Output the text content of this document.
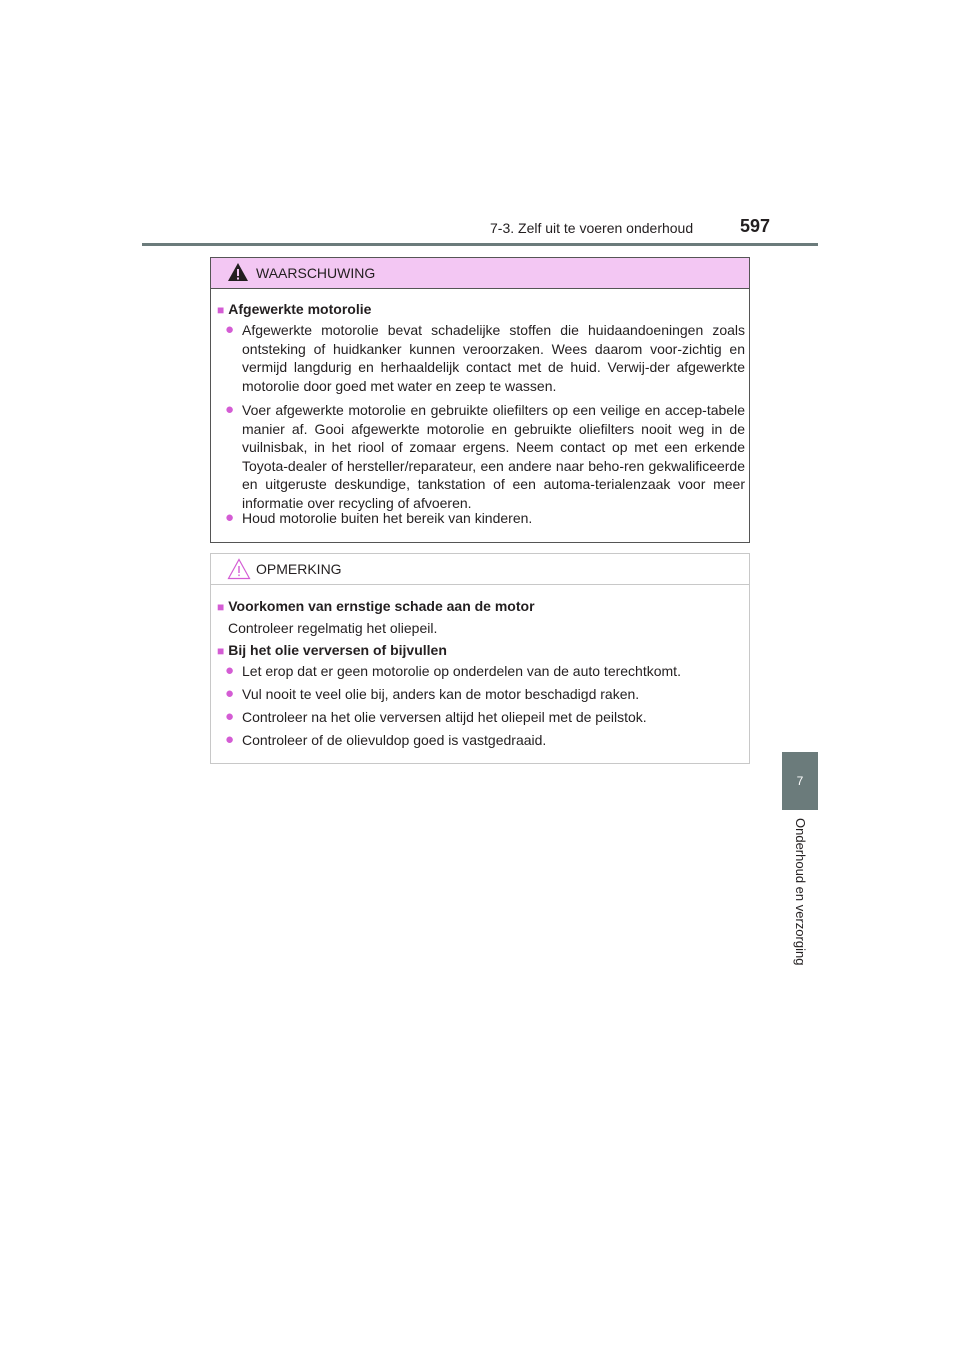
7-3. Zelf uit te voeren onderhoud	597
7
Onderhoud en verzorging
WAARSCHUWING
■ Afgewerkte motorolie
● Afgewerkte motorolie bevat schadelijke stoffen die huidaandoeningen zoals ontsteking of huidkanker kunnen veroorzaken. Wees daarom voor-zichtig en vermijd langdurig en herhaaldelijk contact met de huid. Verwij-der afgewerkte motorolie door goed met water en zeep te wassen.
● Voer afgewerkte motorolie en gebruikte oliefilters op een veilige en accep-tabele manier af. Gooi afgewerkte motorolie en gebruikte oliefilters nooit weg in de vuilnisbak, in het riool of zomaar ergens. Neem contact op met een erkende Toyota-dealer of hersteller/reparateur, een andere naar beho-ren gekwalificeerde en uitgeruste deskundige, tankstation of een automa-terialenzaak voor meer informatie over recycling of afvoeren.
● Houd motorolie buiten het bereik van kinderen.
OPMERKING
■ Voorkomen van ernstige schade aan de motor
Controleer regelmatig het oliepeil.
■ Bij het olie verversen of bijvullen
● Let erop dat er geen motorolie op onderdelen van de auto terechtkomt.
● Vul nooit te veel olie bij, anders kan de motor beschadigd raken.
● Controleer na het olie verversen altijd het oliepeil met de peilstok.
● Controleer of de olievuldop goed is vastgedraaid.
